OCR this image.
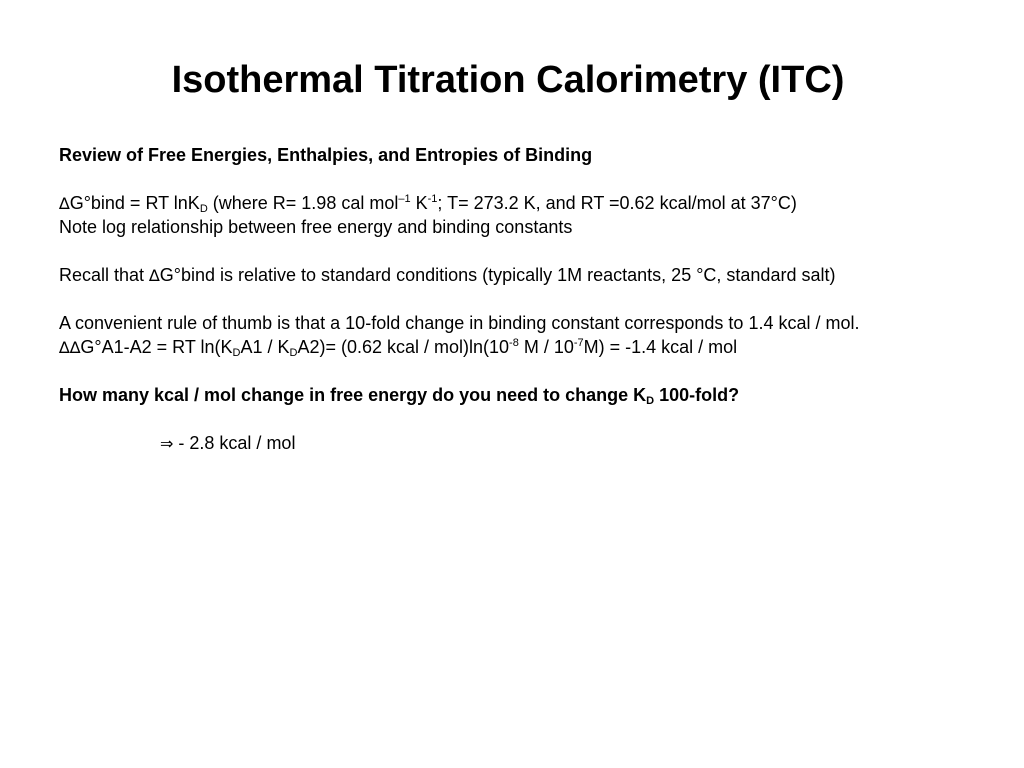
Isothermal Titration Calorimetry (ITC)
Review of Free Energies, Enthalpies, and Entropies of Binding
∆G°bind = RT lnK$_D$ (where R= 1.98 cal mol$^{-1}$ $K^{-1}$; T= 273.2 K, and RT =0.62 kcal/mol at 37°C)
Note log relationship between free energy and binding constants
Recall that ∆G°bind is relative to standard conditions (typically 1M reactants, 25 °C, standard salt)
A convenient rule of thumb is that a 10-fold change in binding constant corresponds to 1.4 kcal / mol.
∆∆G°A1-A2 = RT $\ln(K_DA1 / K_DA2)= (0.62$ kcal / $mol)\ln(10^{-8}$ $M / 10^{-7}M) = -1.4$ kcal / mol
How many kcal / mol change in free energy do you need to change $K_D$ 100-fold?
⇒ - 2.8 kcal / mol
